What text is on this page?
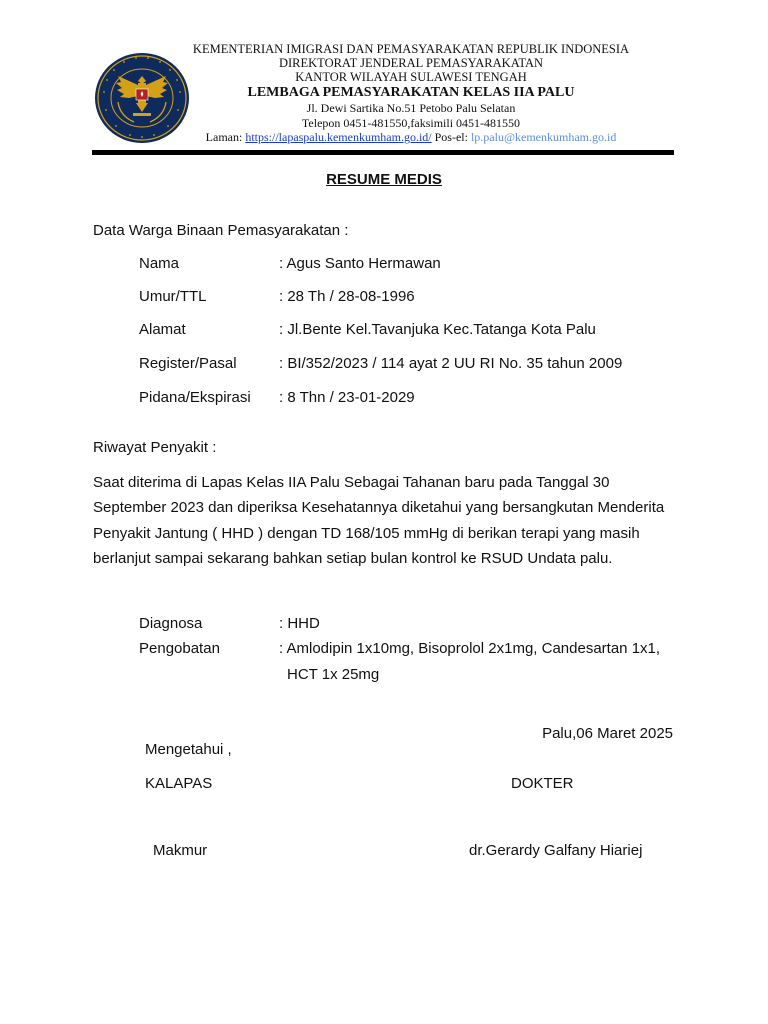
KEMENTERIAN IMIGRASI DAN PEMASYARAKATAN REPUBLIK INDONESIA
DIREKTORAT JENDERAL PEMASYARAKATAN
KANTOR WILAYAH SULAWESI TENGAH
LEMBAGA PEMASYARAKATAN KELAS IIA PALU
Jl. Dewi Sartika No.51 Petobo Palu Selatan
Telepon 0451-481550,faksimili 0451-481550
Laman: https://lapaspalu.kemenkumham.go.id/ Pos-el: lp.palu@kemenkumham.go.id
RESUME MEDIS
Data Warga Binaan Pemasyarakatan :
Nama	: Agus Santo Hermawan
Umur/TTL	: 28 Th / 28-08-1996
Alamat	: Jl.Bente Kel.Tavanjuka Kec.Tatanga Kota Palu
Register/Pasal	: BI/352/2023 / 114 ayat 2 UU RI No. 35 tahun 2009
Pidana/Ekspirasi : 8 Thn / 23-01-2029
Riwayat Penyakit :
Saat diterima di Lapas Kelas IIA Palu Sebagai Tahanan baru pada Tanggal 30 September 2023 dan diperiksa Kesehatannya diketahui yang bersangkutan Menderita Penyakit Jantung ( HHD ) dengan TD 168/105 mmHg di berikan terapi yang masih berlanjut sampai sekarang bahkan setiap bulan kontrol ke RSUD Undata palu.
Diagnosa	: HHD
Pengobatan	: Amlodipin 1x10mg, Bisoprolol 2x1mg, Candesartan 1x1,
HCT 1x 25mg
Palu,06 Maret 2025
Mengetahui ,
KALAPAS	DOKTER
Makmur	dr.Gerardy Galfany Hiariej
